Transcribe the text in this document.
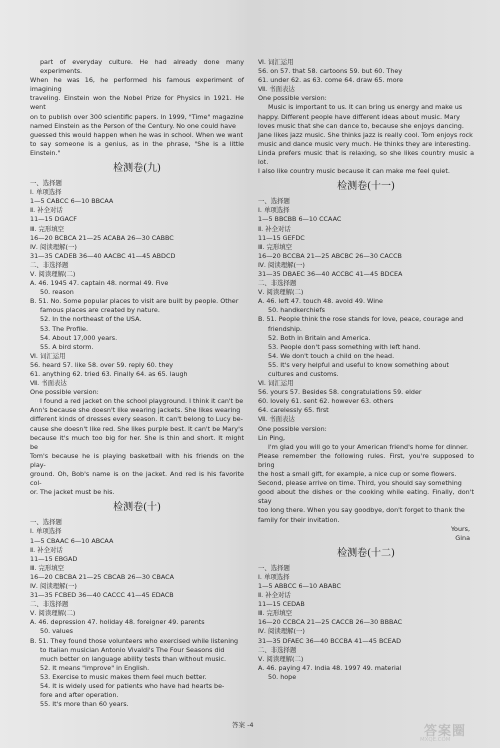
part of everyday culture. He had already done many experiments.

When he was 16, he performed his famous experiment of imagining

traveling. Einstein won the Nobel Prize for Physics in 1921. He went

on to publish over 300 scientific papers. In 1999, "Time" magazine

named Einstein as the Person of the Century. No one could have

guessed this would happen when he was in school. When we want

to say someone is a genius, as in the phrase, "She is a little Einstein."

检测卷(九)

一、选择题

Ⅰ. 单项选择

1—5 CABCC 6—10 BBCAA

Ⅱ. 补全对话

11—15 DGACF

Ⅲ. 完形填空

16—20 BCBCA 21—25 ACABA 26—30 CABBC

Ⅳ. 阅读理解(一)

31—35 CADEB 36—40 AACBC 41—45 ABDCD

二、非选择题

Ⅴ. 阅读理解(二)

A. 46. 1945 47. captain 48. normal 49. Five

50. reason

B. 51. No. Some popular places to visit are built by people. Other

famous places are created by nature.

52. In the northeast of the USA.

53. The Profile.

54. About 17,000 years.

55. A bird storm.

Ⅵ. 词汇运用

56. heard 57. like 58. over 59. reply 60. they

61. anything 62. tried 63. Finally 64. as 65. laugh

Ⅶ. 书面表达

One possible version:

I found a red jacket on the school playground. I think it can't be

Ann's because she doesn't like wearing jackets. She likes wearing

different kinds of dresses every season. It can't belong to Lucy be-

cause she doesn't like red. She likes purple best. It can't be Mary's

because it's much too big for her. She is thin and short. It might be

Tom's because he is playing basketball with his friends on the play-

ground. Oh, Bob's name is on the jacket. And red is his favorite col-

or. The jacket must be his.

检测卷(十)

一、选择题

Ⅰ. 单项选择

1—5 CBAAC 6—10 ABCAA

Ⅱ. 补全对话

11—15 EBGAD

Ⅲ. 完形填空

16—20 CBCBA 21—25 CBCAB 26—30 CBACA

Ⅳ. 阅读理解(一)

31—35 FCBED 36—40 CACCC 41—45 EDACB

二、非选择题

Ⅴ. 阅读理解(二)

A. 46. depression 47. holiday 48. foreigner 49. parents

50. values

B. 51. They found those volunteers who exercised while listening

to Italian musician Antonio Vivaldi's The Four Seasons did

much better on language ability tests than without music.

52. It means "improve" in English.

53. Exercise to music makes them feel much better.

54. It is widely used for patients who have had hearts be-

fore and after operation.

55. It's more than 60 years.

Ⅵ. 词汇运用

56. on 57. that 58. cartoons 59. but 60. They

61. under 62. as 63. come 64. draw 65. more

Ⅶ. 书面表达

One possible version:

Music is important to us. It can bring us energy and make us

happy. Different people have different ideas about music. Mary

loves music that she can dance to, because she enjoys dancing.

Jane likes jazz music. She thinks jazz is really cool. Tom enjoys rock

music and dance music very much. He thinks they are interesting.

Linda prefers music that is relaxing, so she likes country music a lot.

I also like country music because it can make me feel quiet.

检测卷(十一)

一、选择题

Ⅰ. 单项选择

1—5 BBCBB 6—10 CCAAC

Ⅱ. 补全对话

11—15 GEFDC

Ⅲ. 完形填空

16—20 BCCBA 21—25 ABCBC 26—30 CACCB

Ⅳ. 阅读理解(一)

31—35 DBAEC 36—40 ACCBC 41—45 BDCEA

二、非选择题

Ⅴ. 阅读理解(二)

A. 46. left 47. touch 48. avoid 49. Wine

50. handkerchiefs

B. 51. People think the rose stands for love, peace, courage and

friendship.

52. Both in Britain and America.

53. People don't pass something with left hand.

54. We don't touch a child on the head.

55. It's very helpful and useful to know something about

cultures and customs.

Ⅵ. 词汇运用

56. yours 57. Besides 58. congratulations 59. elder

60. lovely 61. sent 62. however 63. others

64. carelessly 65. first

Ⅶ. 书面表达

One possible version:

Lin Ping,

I'm glad you will go to your American friend's home for dinner.

Please remember the following rules. First, you're supposed to bring

the host a small gift, for example, a nice cup or some flowers.

Second, please arrive on time. Third, you should say something

good about the dishes or the cooking while eating. Finally, don't stay

too long there. When you say goodbye, don't forget to thank the

family for their invitation.

Yours,

Gina

检测卷(十二)

一、选择题

Ⅰ. 单项选择

1—5 ABBCC 6—10 ABABC

Ⅱ. 补全对话

11—15 CEDAB

Ⅲ. 完形填空

16—20 CCBCA 21—25 CACCB 26—30 BBBAC

Ⅳ. 阅读理解(一)

31—35 DFAEC 36—40 BCCBA 41—45 BCEAD

二、非选择题

Ⅴ. 阅读理解(二)

A. 46. paying 47. India 48. 1997 49. material

50. hope

答案 -4	答案圈
MXQE.COM
